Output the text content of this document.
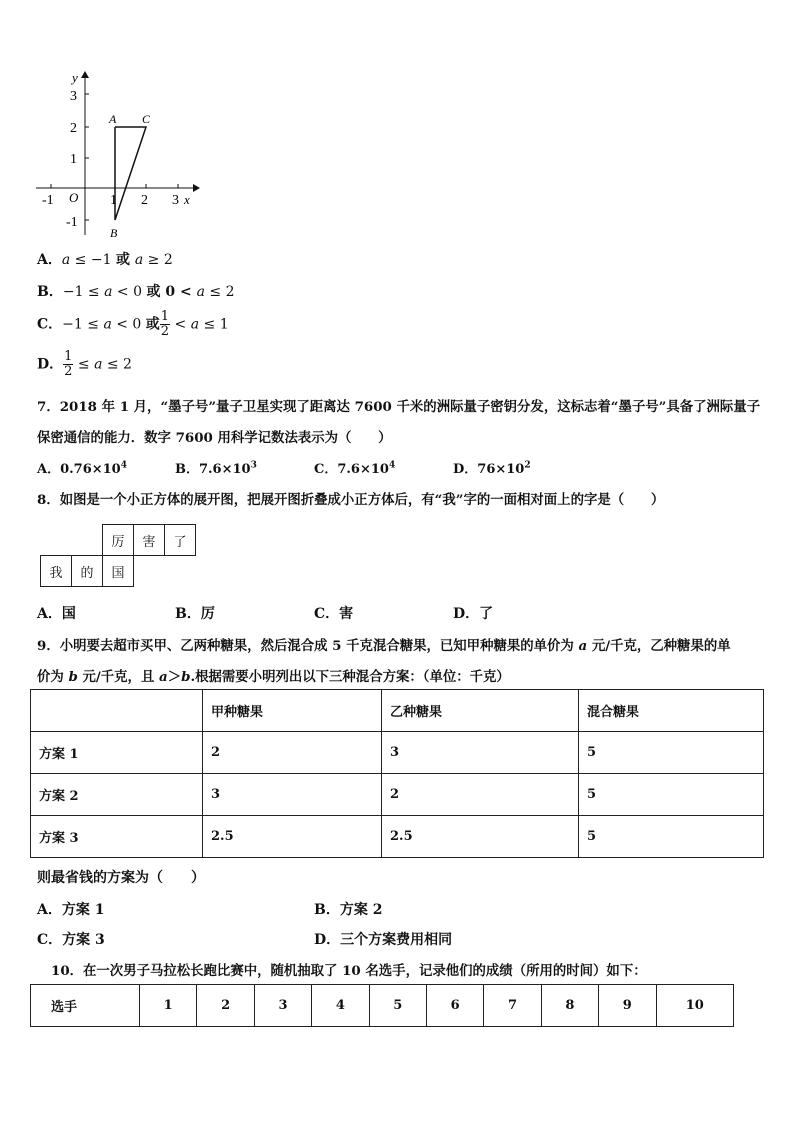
y
x
O
3
2
1
-1
-1	1 2 3
A C
B
A．a ≤ −1 或 a ≥ 2
B．−1 ≤ a < 0 或 0 < a ≤ 2
C．−1 ≤ a < 0 或 $\frac{1}{2} < a \le 1$
D． $\frac{1}{2} \le a \le 2$
7．2018 年 1 月，“墨子号”量子卫星实现了距离达 7600 千米的洲际量子密钥分发，这标志着“墨子号”具备了洲际量子
保密通信的能力．数字 7600 用科学记数法表示为（　　）
A．$0.76\times 10^4$	B．$7.6\times 10^3$	C．$7.6\times 10^4$	D．$76\times 10^2$
8．如图是一个小正方体的展开图，把展开图折叠成小正方体后，有“我”字的一面相对面上的字是（　　）
		厉	害	了
我	的	国		
A．国	B．厉	C．害	D．了
9．小明要去超市买甲、乙两种糖果，然后混合成 5 千克混合糖果，已知甲种糖果的单价为 a 元/千克，乙种糖果的单
价为 b 元/千克，且 a＞b.根据需要小明列出以下三种混合方案：（单位：千克）
	甲种糖果	乙种糖果	混合糖果
方案 1	2	3	5
方案 2	3	2	5
方案 3	2.5	2.5	5
则最省钱的方案为（　　）
A．方案 1	B．方案 2
C．方案 3	D．三个方案费用相同
10．在一次男子马拉松长跑比赛中，随机抽取了 10 名选手，记录他们的成绩（所用的时间）如下：
选手	1	2	3	4	5	6	7	8	9	10
